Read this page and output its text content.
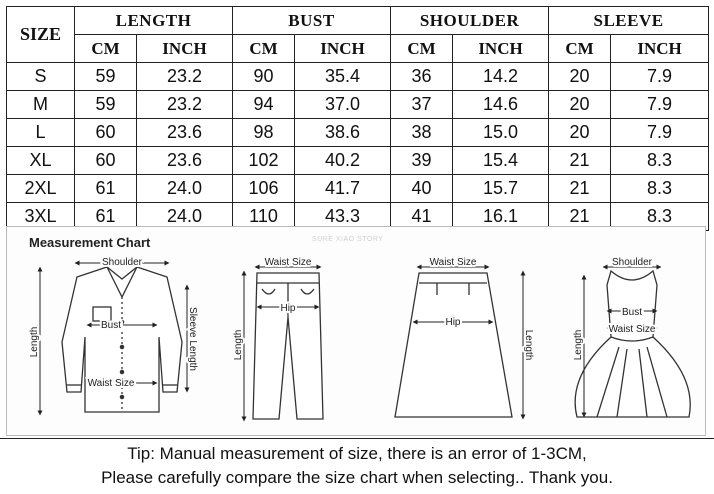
SIZE	LENGTH		BUST		SHOULDER		SLEEVE	
	CM	INCH	CM	INCH	CM	INCH	CM	INCH
S	59	23.2	90	35.4	36	14.2	20	7.9
M	59	23.2	94	37.0	37	14.6	20	7.9
L	60	23.6	98	38.6	38	15.0	20	7.9
XL	60	23.6	102	40.2	39	15.4	21	8.3
2XL	61	24.0	106	41.7	40	15.7	21	8.3
3XL	61	24.0	110	43.3	41	16.1	21	8.3
Measurement Chart	SURE XIAO STORY
Shoulder
Bust
Waist Size
Length	Sleeve Length
Waist Size
Hip
Length
Waist Size
Hip
Length
Shoulder
Bust
Waist Size
Length
Tip: Manual measurement of size, there is an error of 1-3CM,
Please carefully compare the size chart when selecting.. Thank you.
